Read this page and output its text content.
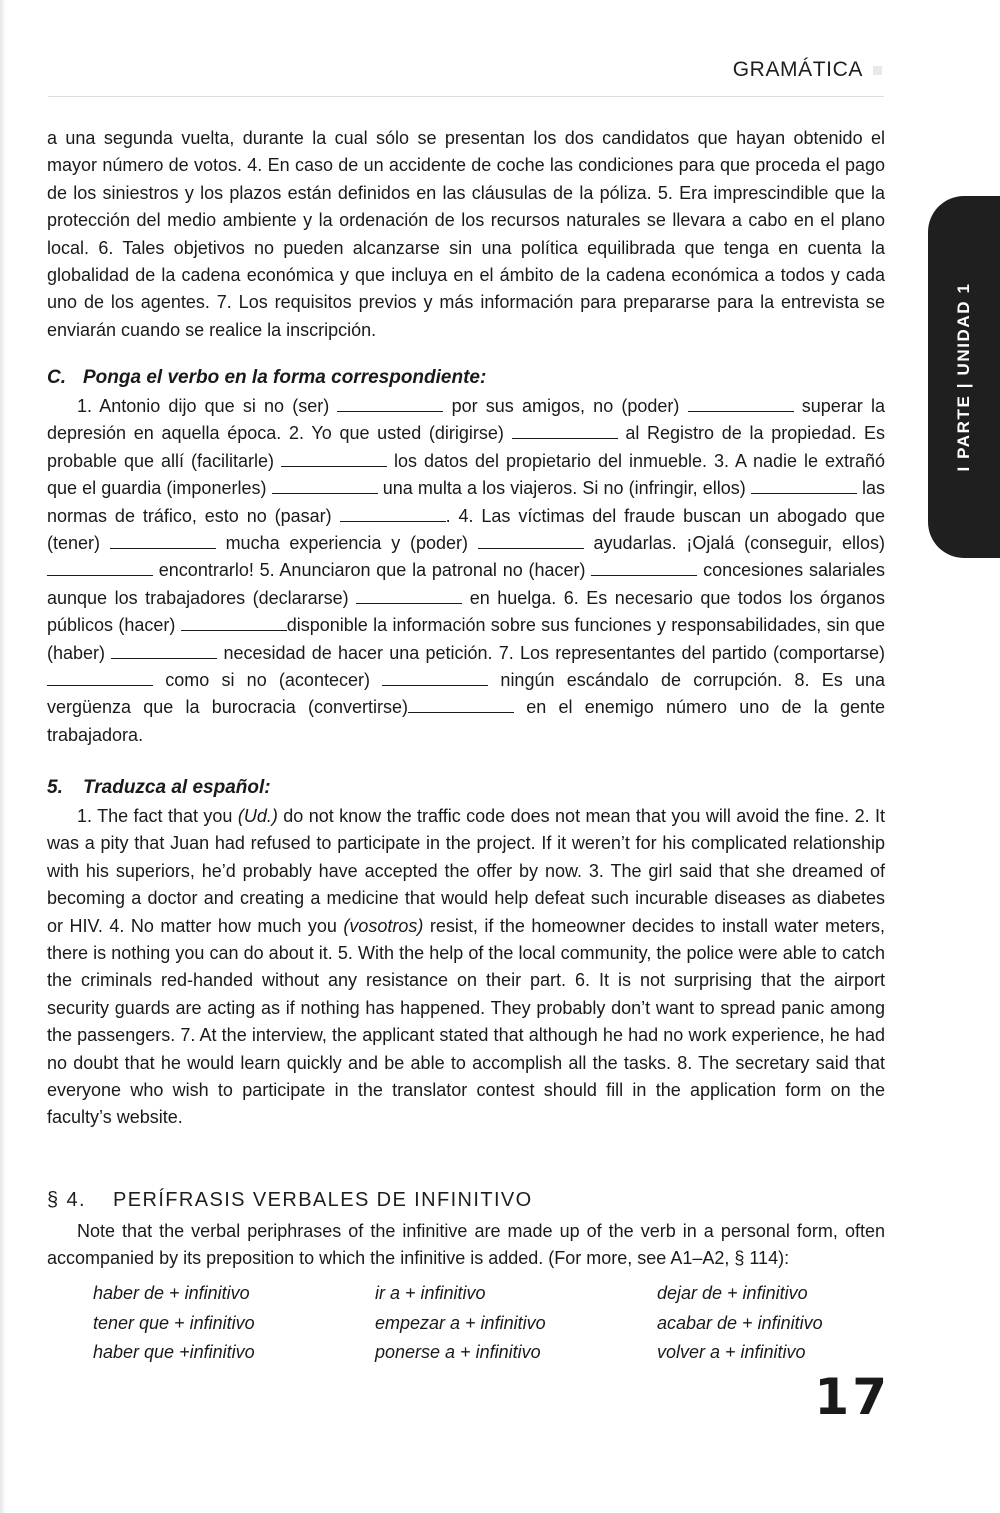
GRAMÁTICA
I PARTE | UNIDAD 1

a una segunda vuelta, durante la cual sólo se presentan los dos candidatos que hayan obtenido el mayor número de votos. 4. En caso de un accidente de coche las condiciones para que proceda el pago de los siniestros y los plazos están definidos en las cláusulas de la póliza. 5. Era imprescindible que la protección del medio ambiente y la ordenación de los recursos naturales se llevara a cabo en el plano local. 6. Tales objetivos no pueden alcanzarse sin una política equilibrada que tenga en cuenta la globalidad de la cadena económica y que incluya en el ámbito de la cadena económica a todos y cada uno de los agentes. 7. Los requisitos previos y más información para prepararse para la entrevista se enviarán cuando se realice la inscripción.

C. Ponga el verbo en la forma correspondiente:

1. Antonio dijo que si no (ser)	por sus amigos, no (poder)	superar la depresión en aquella época. 2. Yo que usted (dirigirse)	al Registro de la propiedad. Es probable que allí (facilitarle)	los datos del propietario del inmueble. 3. A nadie le extrañó que el guardia (imponerles)	una multa a los viajeros. Si no (infringir, ellos)	las normas de tráfico, esto no (pasar)	. 4. Las víctimas del fraude buscan un abogado que (tener)	mucha experiencia y (poder)	ayudarlas. ¡Ojalá (conseguir, ellos)  encontrarlo! 5. Anunciaron que la patronal no (hacer)	concesiones salariales aunque los trabajadores (declararse)	en huelga. 6. Es necesario que todos los órganos públicos (hacer)	disponible la información sobre sus funciones y responsabilidades, sin que (haber)	necesidad de hacer una petición. 7. Los representantes del partido (comportarse)  como si no (acontecer)	ningún escándalo de corrupción. 8. Es una vergüenza que la burocracia (convertirse)	en el enemigo número uno de la gente trabajadora.

5. Traduzca al español:

1. The fact that you (Ud.) do not know the traffic code does not mean that you will avoid the fine. 2. It was a pity that Juan had refused to participate in the project. If it weren’t for his complicated relationship with his superiors, he’d probably have accepted the offer by now. 3. The girl said that she dreamed of becoming a doctor and creating a medicine that would help defeat such incurable diseases as diabetes or HIV. 4. No matter how much you (vosotros) resist, if the homeowner decides to install water meters, there is nothing you can do about it. 5. With the help of the local community, the police were able to catch the criminals red-handed without any resistance on their part. 6. It is not surprising that the airport security guards are acting as if nothing has happened. They probably don’t want to spread panic among the passengers. 7. At the interview, the applicant stated that although he had no work experience, he had no doubt that he would learn quickly and be able to accomplish all the tasks. 8. The secretary said that everyone who wish to participate in the translator contest should fill in the application form on the faculty’s website.

§ 4. PERÍFRASIS VERBALES DE INFINITIVO

Note that the verbal periphrases of the infinitive are made up of the verb in a personal form, often accompanied by its preposition to which the infinitive is added. (For more, see A1–A2, § 114):

haber de + infinitivo	ir a + infinitivo	dejar de + infinitivo
tener que + infinitivo	empezar a + infinitivo	acabar de + infinitivo
haber que +infinitivo	ponerse a + infinitivo	volver a + infinitivo
17
